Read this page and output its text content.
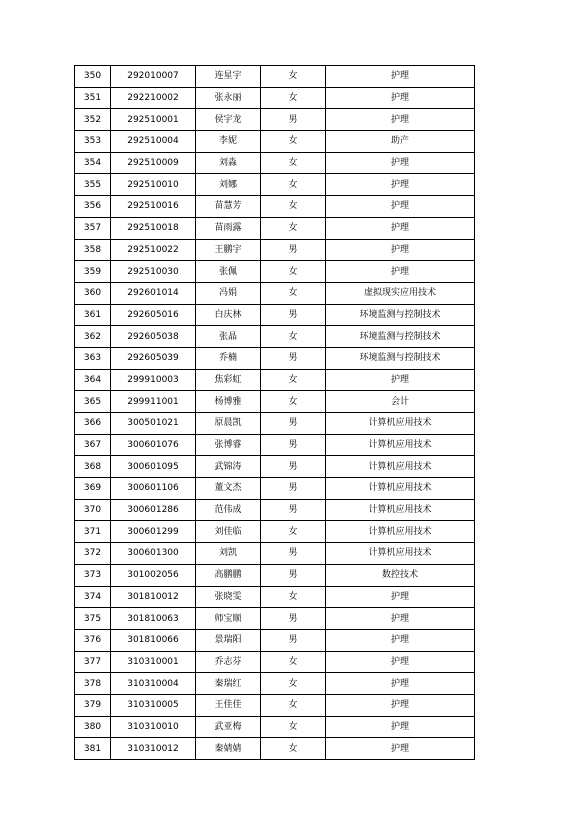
350	292010007	连星宇	女	护理
351	292210002	张永丽	女	护理
352	292510001	侯宇龙	男	护理
353	292510004	李妮	女	助产
354	292510009	刘淼	女	护理
355	292510010	刘娜	女	护理
356	292510016	苗慧芳	女	护理
357	292510018	苗雨露	女	护理
358	292510022	王鹏宇	男	护理
359	292510030	张佩	女	护理
360	292601014	冯娟	女	虚拟现实应用技术
361	292605016	白庆林	男	环境监测与控制技术
362	292605038	张晶	女	环境监测与控制技术
363	292605039	乔楠	男	环境监测与控制技术
364	299910003	焦彩虹	女	护理
365	299911001	杨博雅	女	会计
366	300501021	原晨凯	男	计算机应用技术
367	300601076	张博睿	男	计算机应用技术
368	300601095	武锦涛	男	计算机应用技术
369	300601106	董文杰	男	计算机应用技术
370	300601286	范伟成	男	计算机应用技术
371	300601299	刘佳临	女	计算机应用技术
372	300601300	刘凯	男	计算机应用技术
373	301002056	高鹏鹏	男	数控技术
374	301810012	张晓雯	女	护理
375	301810063	师宝顺	男	护理
376	301810066	景瑞阳	男	护理
377	310310001	乔志芬	女	护理
378	310310004	秦瑞红	女	护理
379	310310005	王佳佳	女	护理
380	310310010	武亚梅	女	护理
381	310310012	秦婧婧	女	护理
